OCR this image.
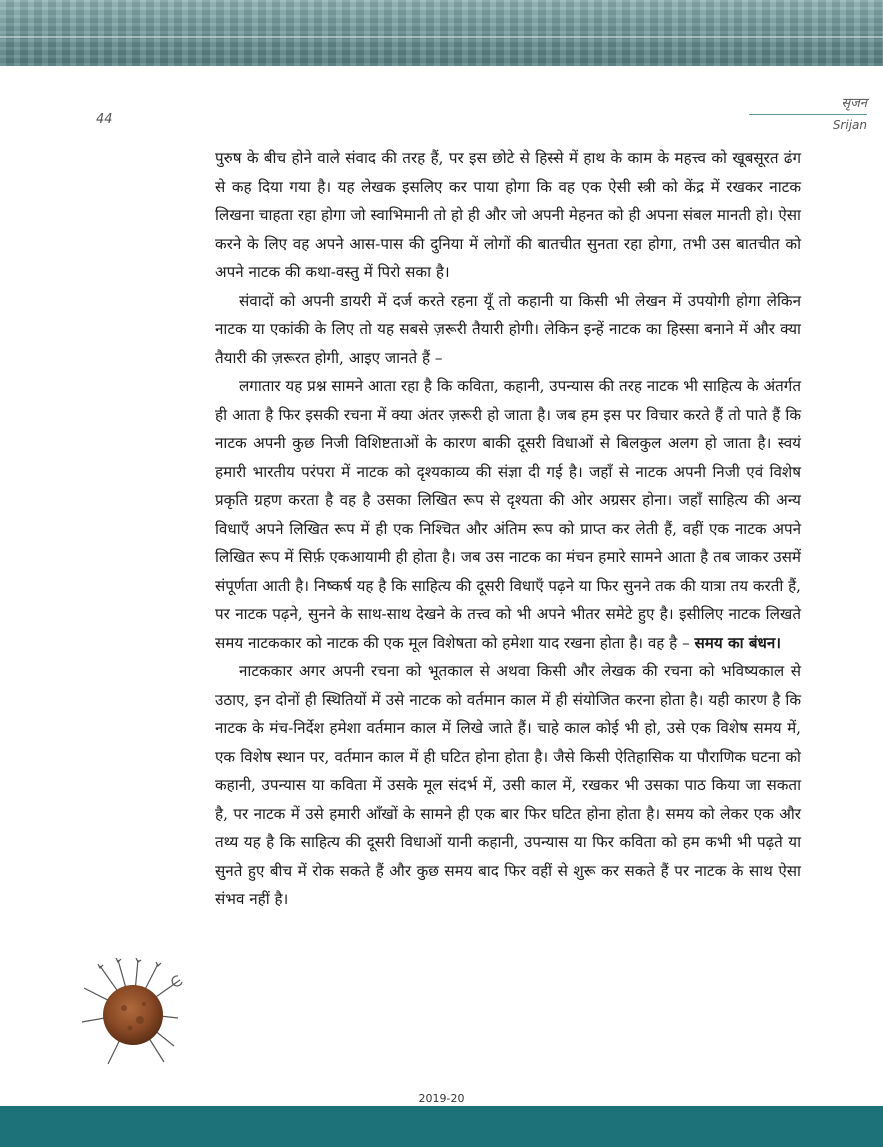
44
सृजन
Srijan

पुरुष के बीच होने वाले संवाद की तरह हैं, पर इस छोटे से हिस्से में हाथ के काम के महत्त्व को खूबसूरत ढंग से कह दिया गया है। यह लेखक इसलिए कर पाया होगा कि वह एक ऐसी स्त्री को केंद्र में रखकर नाटक लिखना चाहता रहा होगा जो स्वाभिमानी तो हो ही और जो अपनी मेहनत को ही अपना संबल मानती हो। ऐसा करने के लिए वह अपने आस-पास की दुनिया में लोगों की बातचीत सुनता रहा होगा, तभी उस बातचीत को अपने नाटक की कथा-वस्तु में पिरो सका है।

संवादों को अपनी डायरी में दर्ज करते रहना यूँ तो कहानी या किसी भी लेखन में उपयोगी होगा लेकिन नाटक या एकांकी के लिए तो यह सबसे ज़रूरी तैयारी होगी। लेकिन इन्हें नाटक का हिस्सा बनाने में और क्या तैयारी की ज़रूरत होगी, आइए जानते हैं –

लगातार यह प्रश्न सामने आता रहा है कि कविता, कहानी, उपन्यास की तरह नाटक भी साहित्य के अंतर्गत ही आता है फिर इसकी रचना में क्या अंतर ज़रूरी हो जाता है। जब हम इस पर विचार करते हैं तो पाते हैं कि नाटक अपनी कुछ निजी विशिष्टताओं के कारण बाकी दूसरी विधाओं से बिलकुल अलग हो जाता है। स्वयं हमारी भारतीय परंपरा में नाटक को दृश्यकाव्य की संज्ञा दी गई है। जहाँ से नाटक अपनी निजी एवं विशेष प्रकृति ग्रहण करता है वह है उसका लिखित रूप से दृश्यता की ओर अग्रसर होना। जहाँ साहित्य की अन्य विधाएँ अपने लिखित रूप में ही एक निश्चित और अंतिम रूप को प्राप्त कर लेती हैं, वहीं एक नाटक अपने लिखित रूप में सिर्फ़ एकआयामी ही होता है। जब उस नाटक का मंचन हमारे सामने आता है तब जाकर उसमें संपूर्णता आती है। निष्कर्ष यह है कि साहित्य की दूसरी विधाएँ पढ़ने या फिर सुनने तक की यात्रा तय करती हैं, पर नाटक पढ़ने, सुनने के साथ-साथ देखने के तत्त्व को भी अपने भीतर समेटे हुए है। इसीलिए नाटक लिखते समय नाटककार को नाटक की एक मूल विशेषता को हमेशा याद रखना होता है। वह है – समय का बंधन।

नाटककार अगर अपनी रचना को भूतकाल से अथवा किसी और लेखक की रचना को भविष्यकाल से उठाए, इन दोनों ही स्थितियों में उसे नाटक को वर्तमान काल में ही संयोजित करना होता है। यही कारण है कि नाटक के मंच-निर्देश हमेशा वर्तमान काल में लिखे जाते हैं। चाहे काल कोई भी हो, उसे एक विशेष समय में, एक विशेष स्थान पर, वर्तमान काल में ही घटित होना होता है। जैसे किसी ऐतिहासिक या पौराणिक घटना को कहानी, उपन्यास या कविता में उसके मूल संदर्भ में, उसी काल में, रखकर भी उसका पाठ किया जा सकता है, पर नाटक में उसे हमारी आँखों के सामने ही एक बार फिर घटित होना होता है। समय को लेकर एक और तथ्य यह है कि साहित्य की दूसरी विधाओं यानी कहानी, उपन्यास या फिर कविता को हम कभी भी पढ़ते या सुनते हुए बीच में रोक सकते हैं और कुछ समय बाद फिर वहीं से शुरू कर सकते हैं पर नाटक के साथ ऐसा संभव नहीं है।

2019-20
